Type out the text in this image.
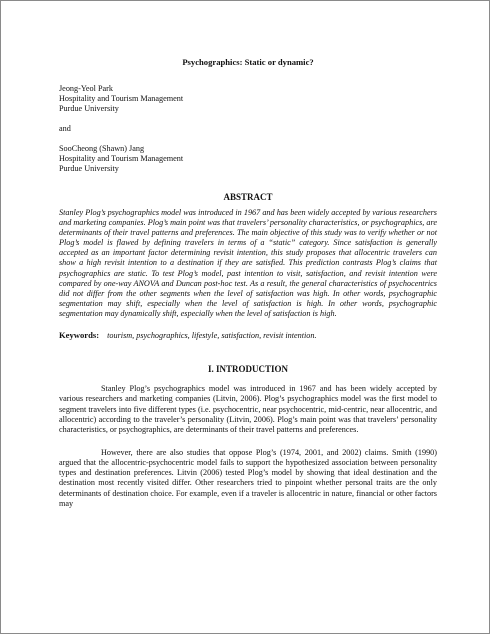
Psychographics: Static or dynamic?
Jeong-Yeol Park
Hospitality and Tourism Management
Purdue University
and
SooCheong (Shawn) Jang
Hospitality and Tourism Management
Purdue University
ABSTRACT

Stanley Plog’s psychographics model was introduced in 1967 and has been widely accepted by various researchers and marketing companies. Plog’s main point was that travelers’ personality characteristics, or psychographics, are determinants of their travel patterns and preferences. The main objective of this study was to verify whether or not Plog’s model is flawed by defining travelers in terms of a “static” category. Since satisfaction is generally accepted as an important factor determining revisit intention, this study proposes that allocentric travelers can show a high revisit intention to a destination if they are satisfied. This prediction contrasts Plog’s claims that psychographics are static. To test Plog’s model, past intention to visit, satisfaction, and revisit intention were compared by one-way ANOVA and Duncan post-hoc test. As a result, the general characteristics of psychocentrics did not differ from the other segments when the level of satisfaction was high. In other words, psychographic segmentation may shift, especially when the level of satisfaction is high. In other words, psychographic segmentation may dynamically shift, especially when the level of satisfaction is high.

Keywords: tourism, psychographics, lifestyle, satisfaction, revisit intention.
I. INTRODUCTION

Stanley Plog’s psychographics model was introduced in 1967 and has been widely accepted by various researchers and marketing companies (Litvin, 2006). Plog’s psychographics model was the first model to segment travelers into five different types (i.e. psychocentric, near psychocentric, mid-centric, near allocentric, and allocentric) according to the traveler’s personality (Litvin, 2006). Plog’s main point was that travelers’ personality characteristics, or psychographics, are determinants of their travel patterns and preferences.

However, there are also studies that oppose Plog’s (1974, 2001, and 2002) claims. Smith (1990) argued that the allocentric-psychocentric model fails to support the hypothesized association between personality types and destination preferences. Litvin (2006) tested Plog’s model by showing that ideal destination and the destination most recently visited differ. Other researchers tried to pinpoint whether personal traits are the only determinants of destination choice. For example, even if a traveler is allocentric in nature, financial or other factors may
